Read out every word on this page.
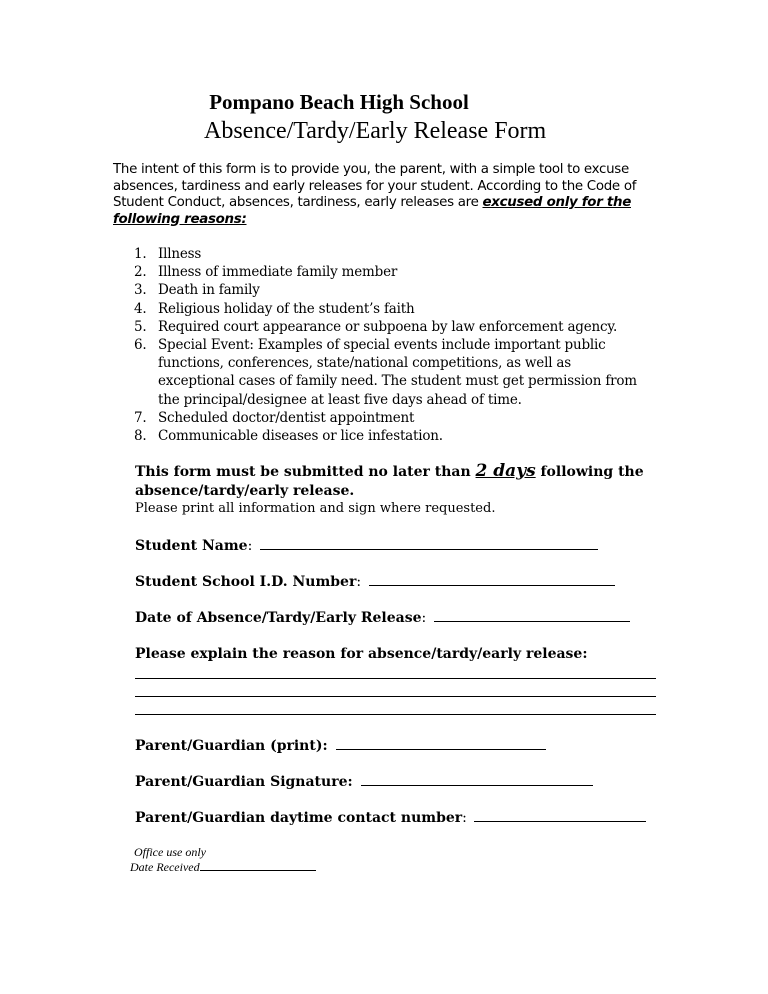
Pompano Beach High School
Absence/Tardy/Early Release Form
The intent of this form is to provide you, the parent, with a simple tool to excuse absences, tardiness and early releases for your student. According to the Code of Student Conduct, absences, tardiness, early releases are excused only for the following reasons:
1. Illness
2. Illness of immediate family member
3. Death in family
4. Religious holiday of the student’s faith
5. Required court appearance or subpoena by law enforcement agency.
6. Special Event: Examples of special events include important public functions, conferences, state/national competitions, as well as exceptional cases of family need. The student must get permission from the principal/designee at least five days ahead of time.
7. Scheduled doctor/dentist appointment
8. Communicable diseases or lice infestation.
This form must be submitted no later than 2 days following the absence/tardy/early release.
Please print all information and sign where requested.
Student Name:
Student School I.D. Number:
Date of Absence/Tardy/Early Release:
Please explain the reason for absence/tardy/early release:
Parent/Guardian (print):
Parent/Guardian Signature:
Parent/Guardian daytime contact number:
Office use only
Date Received
